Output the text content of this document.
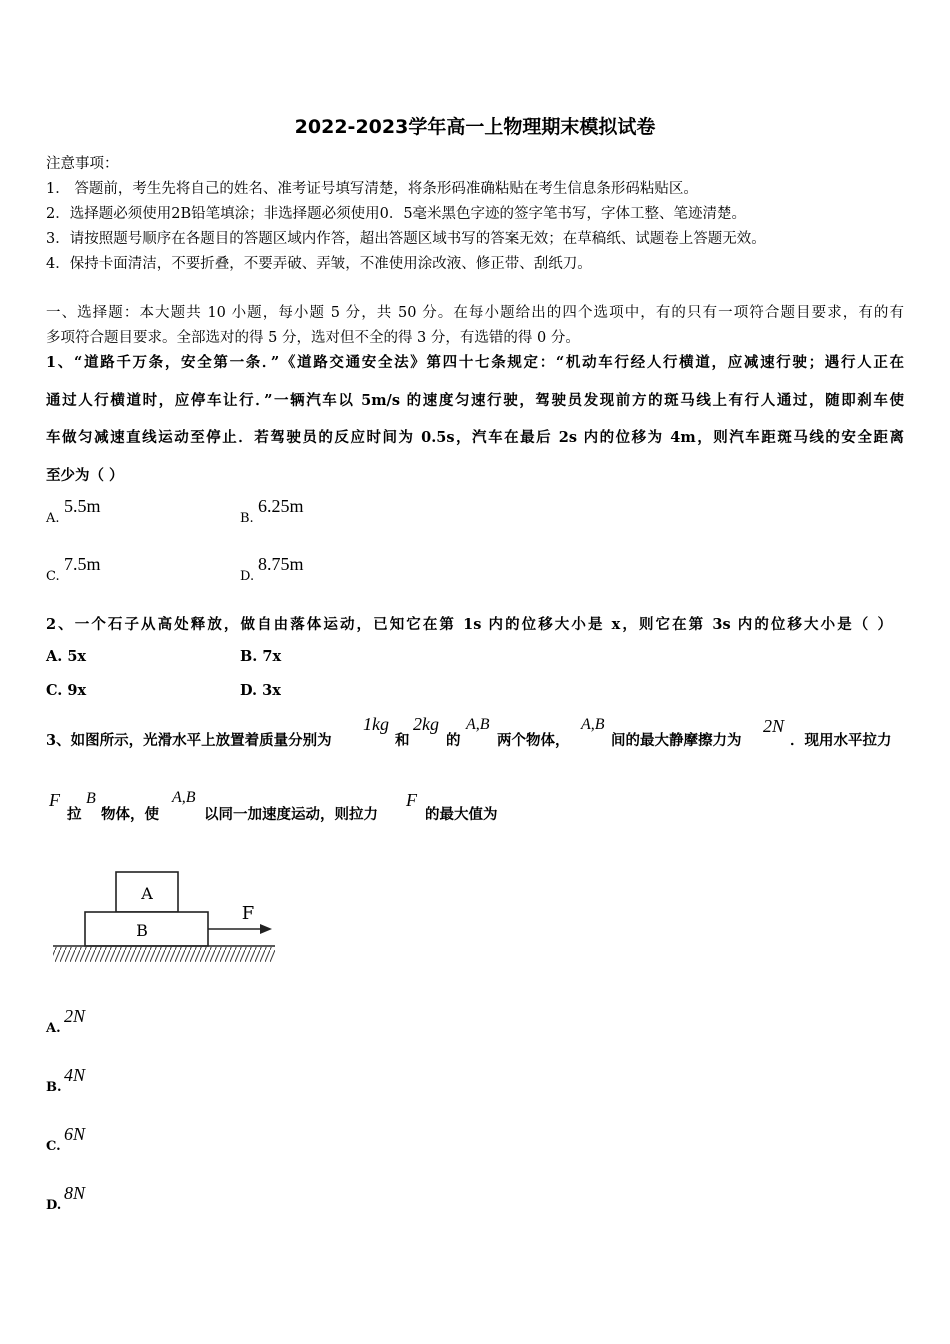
2022-2023学年高一上物理期末模拟试卷
注意事项：
1． 答题前，考生先将自己的姓名、准考证号填写清楚，将条形码准确粘贴在考生信息条形码粘贴区。
2．选择题必须使用2B铅笔填涂；非选择题必须使用0．5毫米黑色字迹的签字笔书写，字体工整、笔迹清楚。
3．请按照题号顺序在各题目的答题区域内作答，超出答题区域书写的答案无效；在草稿纸、试题卷上答题无效。
4．保持卡面清洁，不要折叠，不要弄破、弄皱，不准使用涂改液、修正带、刮纸刀。
一、选择题：本大题共 10 小题，每小题 5 分，共 50 分。在每小题给出的四个选项中，有的只有一项符合题目要求，有的有
多项符合题目要求。全部选对的得 5 分，选对但不全的得 3 分，有选错的得 0 分。
1、“道路千万条，安全第一条．”《道路交通安全法》第四十七条规定：“机动车行经人行横道，应减速行驶；遇行人正在
通过人行横道时，应停车让行．”一辆汽车以 5m/s 的速度匀速行驶，驾驶员发现前方的斑马线上有行人通过，随即刹车使
车做匀减速直线运动至停止．若驾驶员的反应时间为 0.5s，汽车在最后 2s 内的位移为 4m，则汽车距斑马线的安全距离
至少为（ ）
A.
5.5m
B.
6.25m
C.
7.5m
D.
8.75m
2、一个石子从高处释放，做自由落体运动，已知它在第 1s 内的位移大小是 x，则它在第 3s 内的位移大小是（ ）
A. 5x	B. 7x
C. 9x	D. 3x
3、如图所示，光滑水平上放置着质量分别为
1kg
和
2kg
的
A,B
两个物体，
A,B
间的最大静摩擦力为
2N
．现用水平拉力
F
拉
B
物体，使
A,B
以同一加速度运动，则拉力
F
的最大值为
A
B
F
A.
2N
B.
4N
C.
6N
D.
8N
